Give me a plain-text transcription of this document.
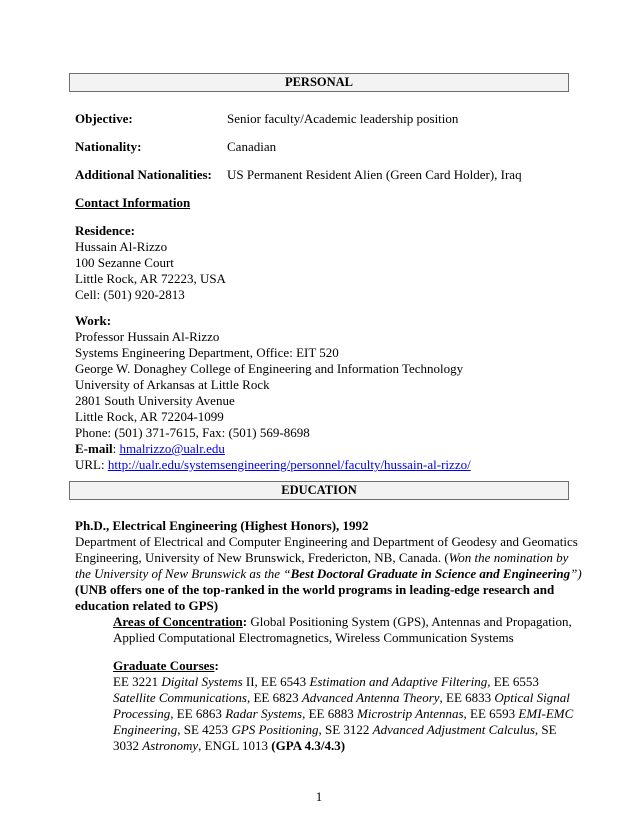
PERSONAL
Objective:	Senior faculty/Academic leadership position
Nationality:	Canadian
Additional Nationalities: US Permanent Resident Alien (Green Card Holder), Iraq
Contact Information
Residence:
Hussain Al-Rizzo
100 Sezanne Court
Little Rock, AR 72223, USA
Cell: (501) 920-2813
Work:
Professor Hussain Al-Rizzo
Systems Engineering Department, Office: EIT 520
George W. Donaghey College of Engineering and Information Technology
University of Arkansas at Little Rock
2801 South University Avenue
Little Rock, AR 72204-1099
Phone: (501) 371-7615, Fax: (501) 569-8698
E-mail: hmalrizzo@ualr.edu
URL: http://ualr.edu/systemsengineering/personnel/faculty/hussain-al-rizzo/
EDUCATION
Ph.D., Electrical Engineering (Highest Honors), 1992
Department of Electrical and Computer Engineering and Department of Geodesy and Geomatics
Engineering, University of New Brunswick, Fredericton, NB, Canada. (Won the nomination by
the University of New Brunswick as the “Best Doctoral Graduate in Science and Engineering”)
(UNB offers one of the top-ranked in the world programs in leading-edge research and
education related to GPS)
Areas of Concentration: Global Positioning System (GPS), Antennas and Propagation,
Applied Computational Electromagnetics, Wireless Communication Systems
Graduate Courses:
EE 3221 Digital Systems II, EE 6543 Estimation and Adaptive Filtering, EE 6553
Satellite Communications, EE 6823 Advanced Antenna Theory, EE 6833 Optical Signal
Processing, EE 6863 Radar Systems, EE 6883 Microstrip Antennas, EE 6593 EMI-EMC
Engineering, SE 4253 GPS Positioning, SE 3122 Advanced Adjustment Calculus, SE
3032 Astronomy, ENGL 1013 (GPA 4.3/4.3)
1
